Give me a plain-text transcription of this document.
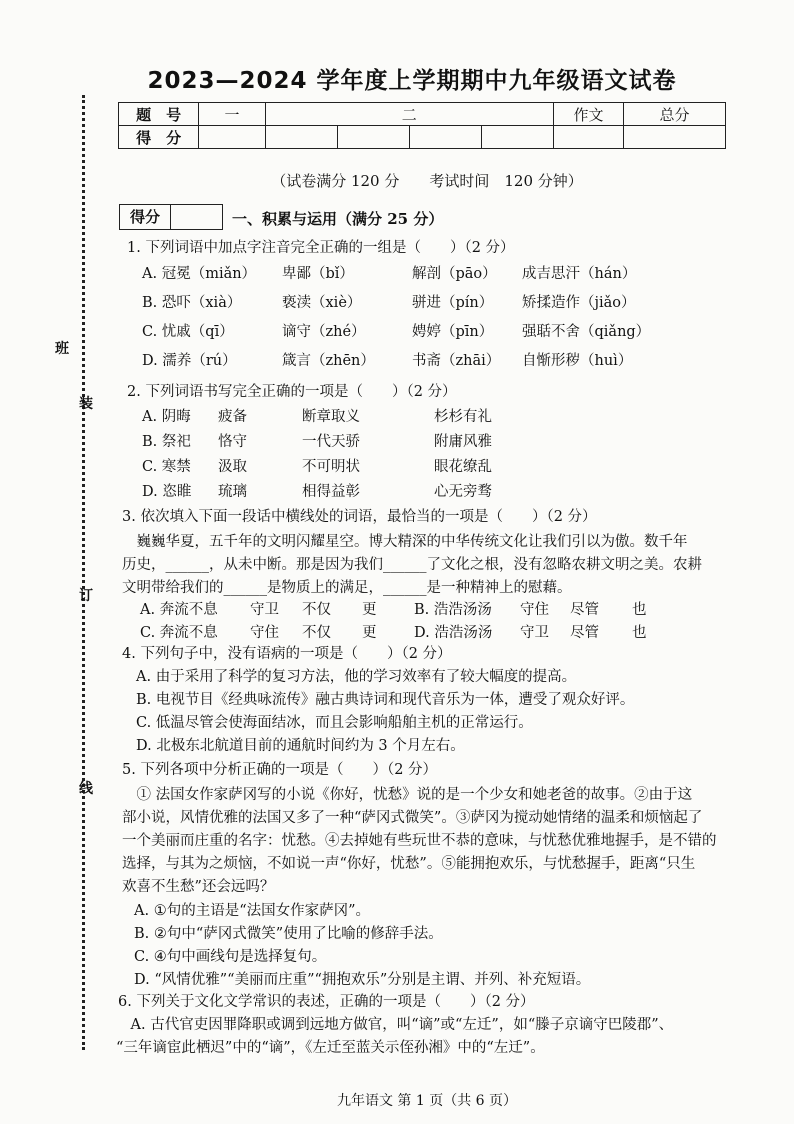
2023—2024 学年度上学期期中九年级语文试卷
班
装
订
线
题　号	一	二				作文	总分
得　分							
（试卷满分 120 分　　考试时间　120 分钟）
得分	一、积累与运用（满分 25 分）
1. 下列词语中加点字注音完全正确的一组是（　　）（2 分）
A. 冠冕（miǎn） 卑鄙（bǐ）	解剖（pāo） 成吉思汗（hán）
B. 恐吓（xià）	亵渎（xiè）	骈进（pín） 矫揉造作（jiǎo）
C. 忧戚（qī）	谪守（zhé）	娉婷（pīn） 强聒不舍（qiǎng）
D. 濡养（rú）	箴言（zhēn）	书斋（zhāi） 自惭形秽（huì）
2. 下列词语书写完全正确的一项是（　　）（2 分）
A. 阴晦 疲备	断章取义	杉杉有礼
B. 祭祀 恪守	一代天骄	附庸风雅
C. 寒禁 汲取	不可明状	眼花缭乱
D. 恣睢 琉璃	相得益彰	心无旁骛
3. 依次填入下面一段话中横线处的词语，最恰当的一项是（　　）（2 分）
　巍巍华夏，五千年的文明闪耀星空。博大精深的中华传统文化让我们引以为傲。数千年
历史，______，从未中断。那是因为我们______了文化之根，没有忽略农耕文明之美。农耕
文明带给我们的______是物质上的满足，______是一种精神上的慰藉。
A. 奔流不息 守卫 不仅 更	B. 浩浩汤汤 守住 尽管 也
C. 奔流不息 守住 不仅 更	D. 浩浩汤汤 守卫 尽管 也
4. 下列句子中，没有语病的一项是（　　）（2 分）
A. 由于采用了科学的复习方法，他的学习效率有了较大幅度的提高。
B. 电视节目《经典咏流传》融古典诗词和现代音乐为一体，遭受了观众好评。
C. 低温尽管会使海面结冰，而且会影响船舶主机的正常运行。
D. 北极东北航道目前的通航时间约为 3 个月左右。
5. 下列各项中分析正确的一项是（　　）（2 分）
　① 法国女作家萨冈写的小说《你好，忧愁》说的是一个少女和她老爸的故事。②由于这
部小说，风情优雅的法国又多了一种“萨冈式微笑”。③萨冈为搅动她情绪的温柔和烦恼起了
一个美丽而庄重的名字：忧愁。④去掉她有些玩世不恭的意味，与忧愁优雅地握手，是不错的
选择，与其为之烦恼，不如说一声“你好，忧愁”。⑤能拥抱欢乐，与忧愁握手，距离“只生
欢喜不生愁”还会远吗？
A. ①句的主语是“法国女作家萨冈”。
B. ②句中“萨冈式微笑”使用了比喻的修辞手法。
C. ④句中画线句是选择复句。
D. “风情优雅”“美丽而庄重”“拥抱欢乐”分别是主谓、并列、补充短语。
6. 下列关于文化文学常识的表述，正确的一项是（　　）（2 分）
　A. 古代官吏因罪降职或调到远地方做官，叫“谪”或“左迁”，如“滕子京谪守巴陵郡”、
“三年谪宦此栖迟”中的“谪”，《左迁至蓝关示侄孙湘》中的“左迁”。
九年语文 第 1 页（共 6 页）
